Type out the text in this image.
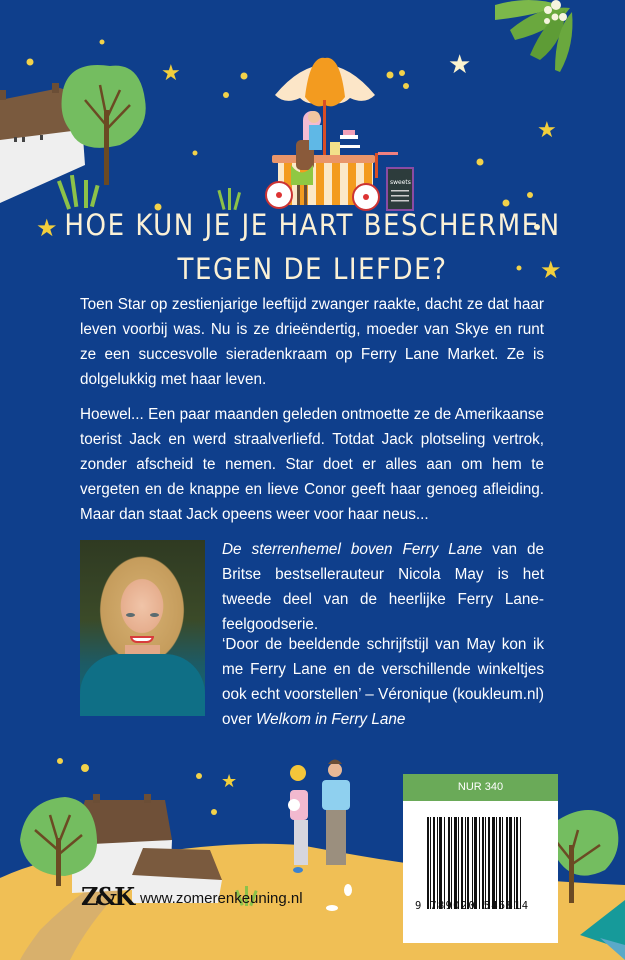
sweets
★	★
★
★
★
★
HOE KUN JE JE HART BESCHERMEN
TEGEN DE LIEFDE?

Toen Star op zestienjarige leeftijd zwanger raakte, dacht ze dat haar leven voorbij was. Nu is ze drieëndertig, moeder van Skye en runt ze een succesvolle sieradenkraam op Ferry Lane Market. Ze is dolgelukkig met haar leven.

Hoewel... Een paar maanden geleden ontmoette ze de Amerikaanse toerist Jack en werd straalverliefd. Totdat Jack plotseling vertrok, zonder afscheid te nemen. Star doet er alles aan om hem te vergeten en de knappe en lieve Conor geeft haar genoeg afleiding. Maar dan staat Jack opeens weer voor haar neus...

De sterrenhemel boven Ferry Lane van de Britse bestsellerauteur Nicola May is het tweede deel van de heerlijke Ferry Lane-feelgoodserie.

‘Door de beeldende schrijfstijl van May kon ik me Ferry Lane en de verschillende winkeltjes ook echt voorstellen’ – Véronique (koukleum.nl) over Welkom in Ferry Lane

NUR 340
9 789020 545814
Z&K www.zomerenkeuning.nl
